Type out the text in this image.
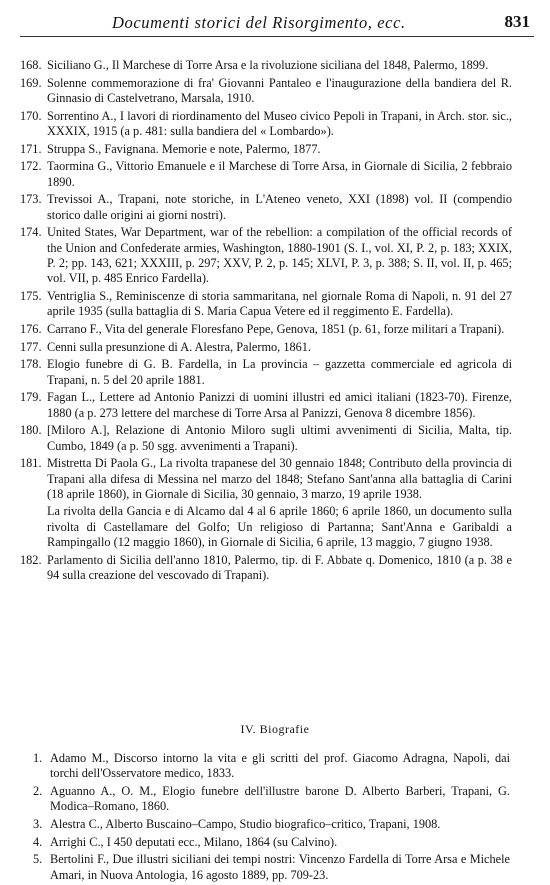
Documenti storici del Risorgimento, ecc.	831
168. Siciliano G., Il Marchese di Torre Arsa e la rivoluzione siciliana del 1848, Palermo, 1899.
169. Solenne commemorazione di fra' Giovanni Pantaleo e l'inaugurazione della bandiera del R. Ginnasio di Castelvetrano, Marsala, 1910.
170. Sorrentino A., I lavori di riordinamento del Museo civico Pepoli in Trapani, in Arch. stor. sic., XXXIX, 1915 (a p. 481: sulla bandiera del « Lombardo»).
171. Struppa S., Favignana. Memorie e note, Palermo, 1877.
172. Taormina G., Vittorio Emanuele e il Marchese di Torre Arsa, in Giornale di Sicilia, 2 febbraio 1890.
173. Trevissoi A., Trapani, note storiche, in L'Ateneo veneto, XXI (1898) vol. II (compendio storico dalle origini ai giorni nostri).
174. United States, War Department, war of the rebellion: a compilation of the official records of the Union and Confederate armies, Washington, 1880-1901 (S. I., vol. XI, P. 2, p. 183; XXIX, P. 2; pp. 143, 621; XXXIII, p. 297; XXV, P. 2, p. 145; XLVI, P. 3, p. 388; S. II, vol. II, p. 465; vol. VII, p. 485 Enrico Fardella).
175. Ventriglia S., Reminiscenze di storia sammaritana, nel giornale Roma di Napoli, n. 91 del 27 aprile 1935 (sulla battaglia di S. Maria Capua Vetere ed il reggimento E. Fardella).
176. Carrano F., Vita del generale Floresfano Pepe, Genova, 1851 (p. 61, forze militari a Trapani).
177. Cenni sulla presunzione di A. Alestra, Palermo, 1861.
178. Elogio funebre di G. B. Fardella, in La provincia – gazzetta commerciale ed agricola di Trapani, n. 5 del 20 aprile 1881.
179. Fagan L., Lettere ad Antonio Panizzi di uomini illustri ed amici italiani (1823-70). Firenze, 1880 (a p. 273 lettere del marchese di Torre Arsa al Panizzi, Genova 8 dicembre 1856).
180. [Miloro A.], Relazione di Antonio Miloro sugli ultimi avvenimenti di Sicilia, Malta, tip. Cumbo, 1849 (a p. 50 sgg. avvenimenti a Trapani).
181. Mistretta Di Paola G., La rivolta trapanese del 30 gennaio 1848; Contributo della provincia di Trapani alla difesa di Messina nel marzo del 1848; Stefano Sant'anna alla battaglia di Carini (18 aprile 1860), in Giornale di Sicilia, 30 gennaio, 3 marzo, 19 aprile 1938.
La rivolta della Gancia e di Alcamo dal 4 al 6 aprile 1860; 6 aprile 1860, un documento sulla rivolta di Castellamare del Golfo; Un religioso di Partanna; Sant'Anna e Garibaldi a Rampingallo (12 maggio 1860), in Giornale di Sicilia, 6 aprile, 13 maggio, 7 giugno 1938.
182. Parlamento di Sicilia dell'anno 1810, Palermo, tip. di F. Abbate q. Domenico, 1810 (a p. 38 e 94 sulla creazione del vescovado di Trapani).
IV. Biografie
1. Adamo M., Discorso intorno la vita e gli scritti del prof. Giacomo Adragna, Napoli, dai torchi dell'Osservatore medico, 1833.
2. Aguanno A., O. M., Elogio funebre dell'illustre barone D. Alberto Barberi, Trapani, G. Modica–Romano, 1860.
3. Alestra C., Alberto Buscaino–Campo, Studio biografico–critico, Trapani, 1908.
4. Arrighi C., I 450 deputati ecc., Milano, 1864 (su Calvino).
5. Bertolini F., Due illustri siciliani dei tempi nostri: Vincenzo Fardella di Torre Arsa e Michele Amari, in Nuova Antologia, 16 agosto 1889, pp. 709-23.
